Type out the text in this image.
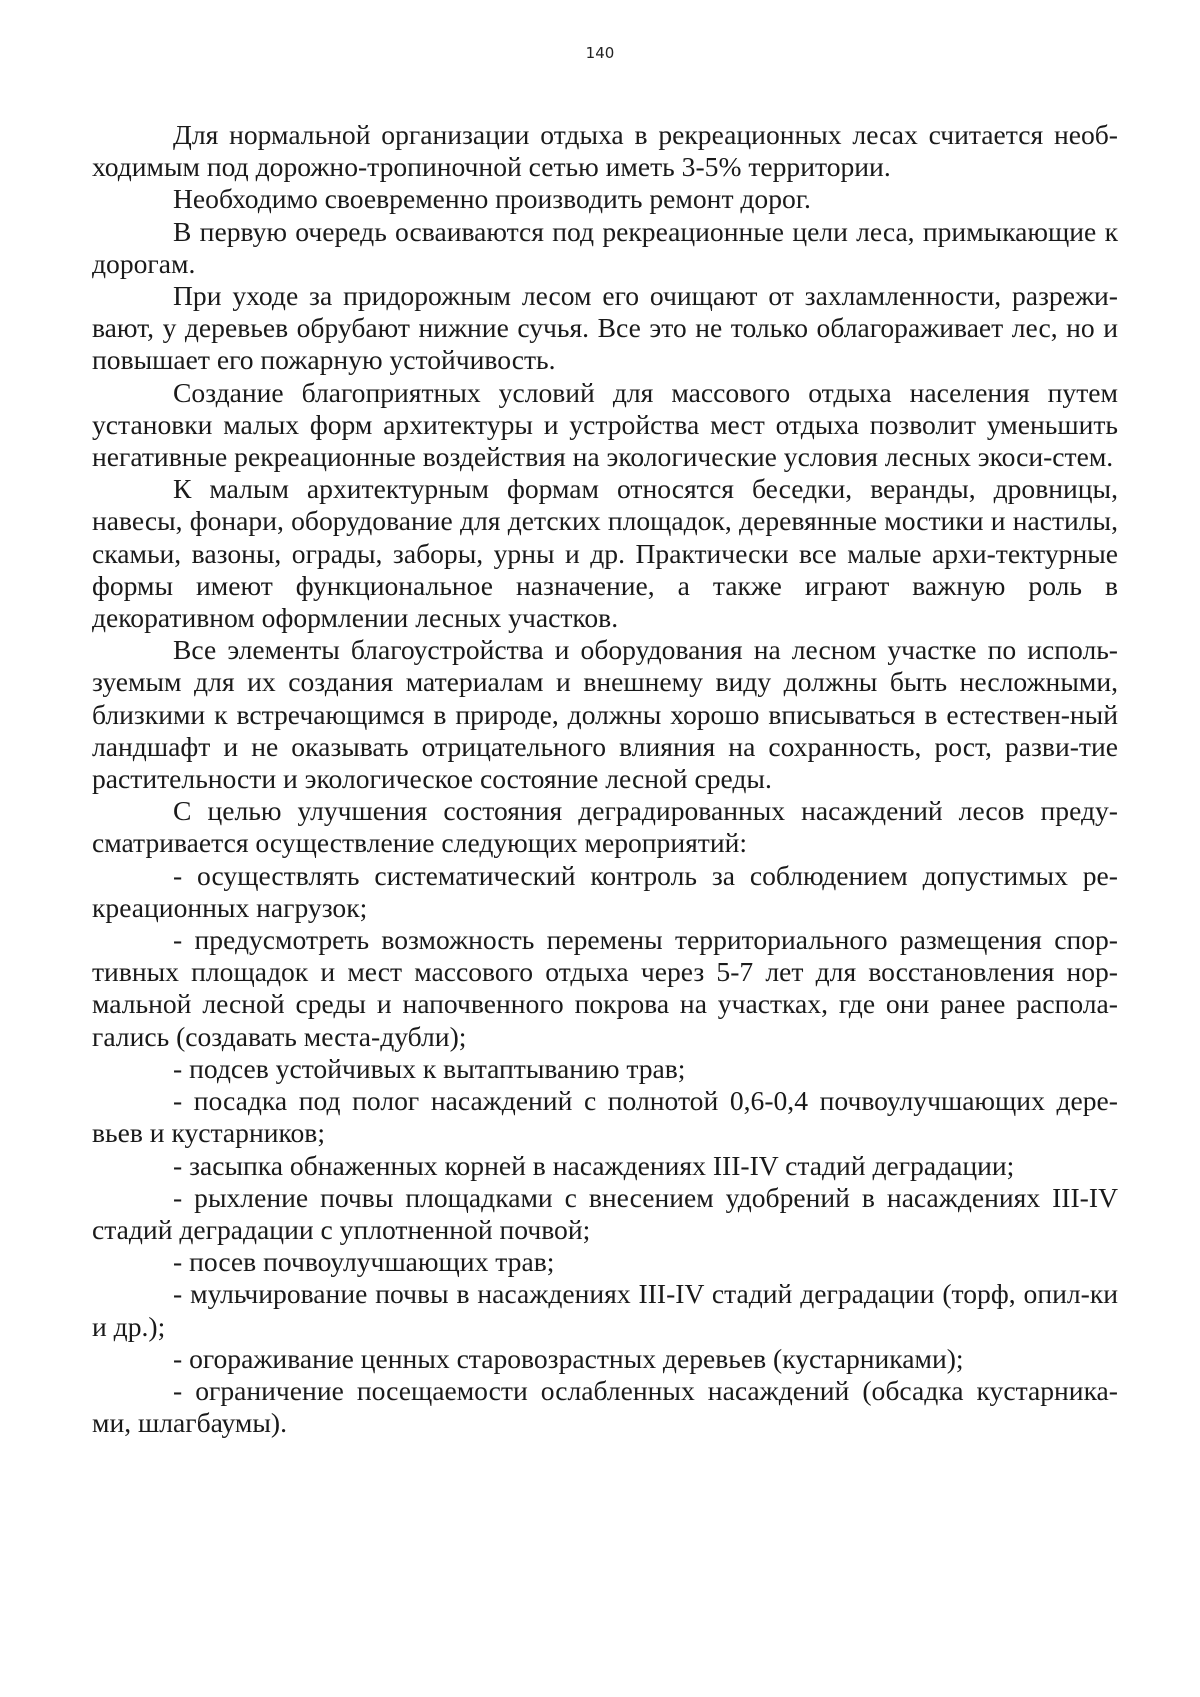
140

Для нормальной организации отдыха в рекреационных лесах считается необ-ходимым под дорожно-тропиночной сетью иметь 3-5% территории.

Необходимо своевременно производить ремонт дорог.

В первую очередь осваиваются под рекреационные цели леса, примыкающие к дорогам.

При уходе за придорожным лесом его очищают от захламленности, разрежи-вают, у деревьев обрубают нижние сучья. Все это не только облагораживает лес, но и повышает его пожарную устойчивость.

Создание благоприятных условий для массового отдыха населения путем установки малых форм архитектуры и устройства мест отдыха позволит уменьшить негативные рекреационные воздействия на экологические условия лесных экоси-стем.

К малым архитектурным формам относятся беседки, веранды, дровницы, навесы, фонари, оборудование для детских площадок, деревянные мостики и настилы, скамьи, вазоны, ограды, заборы, урны и др. Практически все малые архи-тектурные формы имеют функциональное назначение, а также играют важную роль в декоративном оформлении лесных участков.

Все элементы благоустройства и оборудования на лесном участке по исполь-зуемым для их создания материалам и внешнему виду должны быть несложными, близкими к встречающимся в природе, должны хорошо вписываться в естествен-ный ландшафт и не оказывать отрицательного влияния на сохранность, рост, разви-тие растительности и экологическое состояние лесной среды.

С целью улучшения состояния деградированных насаждений лесов преду-сматривается осуществление следующих мероприятий:

- осуществлять систематический контроль за соблюдением допустимых ре-креационных нагрузок;

- предусмотреть возможность перемены территориального размещения спор-тивных площадок и мест массового отдыха через 5-7 лет для восстановления нор-мальной лесной среды и напочвенного покрова на участках, где они ранее распола-гались (создавать места-дубли);

- подсев устойчивых к вытаптыванию трав;

- посадка под полог насаждений с полнотой 0,6-0,4 почвоулучшающих дере-вьев и кустарников;

- засыпка обнаженных корней в насаждениях III-IV стадий деградации;

- рыхление почвы площадками с внесением удобрений в насаждениях III-IV стадий деградации с уплотненной почвой;

- посев почвоулучшающих трав;

- мульчирование почвы в насаждениях III-IV стадий деградации (торф, опил-ки и др.);

- огораживание ценных старовозрастных деревьев (кустарниками);

- ограничение посещаемости ослабленных насаждений (обсадка кустарника-ми, шлагбаумы).
